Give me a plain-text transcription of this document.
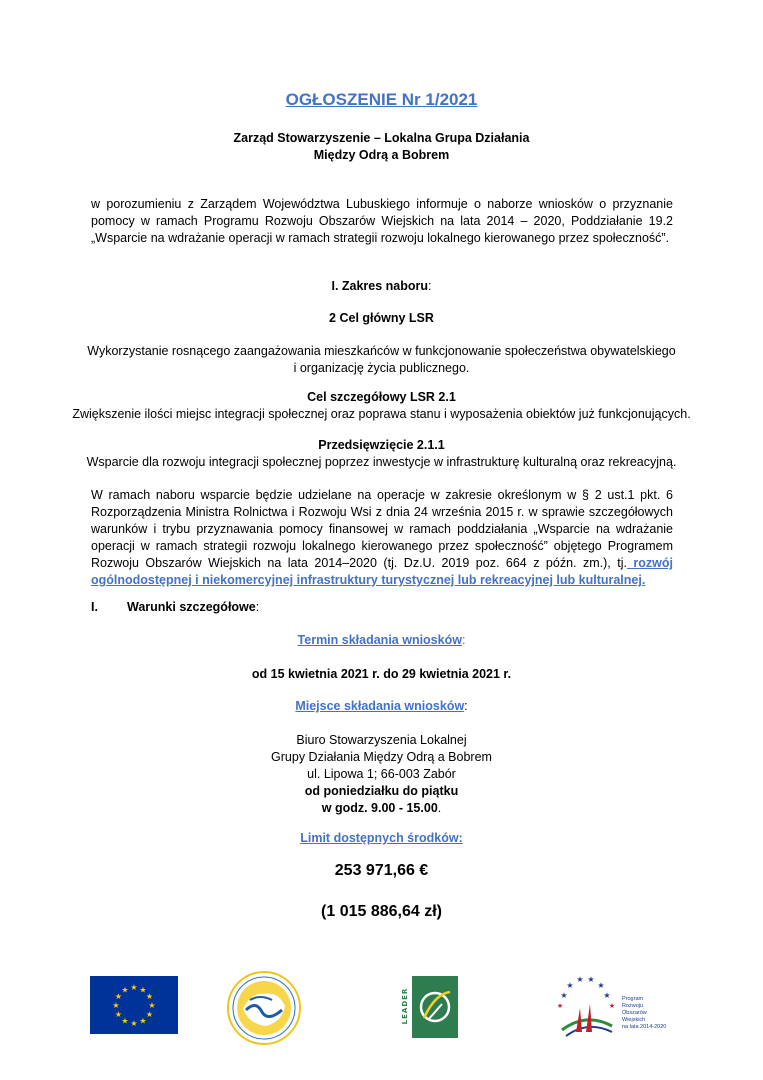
OGŁOSZENIE Nr 1/2021
Zarząd Stowarzyszenie – Lokalna Grupa Działania
Między Odrą a Bobrem
w porozumieniu z Zarządem Województwa Lubuskiego informuje o naborze wniosków o przyznanie pomocy w ramach Programu Rozwoju Obszarów Wiejskich na lata 2014 – 2020, Poddziałanie 19.2 „Wsparcie na wdrażanie operacji w ramach strategii rozwoju lokalnego kierowanego przez społeczność”.
I. Zakres naboru:
2 Cel główny LSR
Wykorzystanie rosnącego zaangażowania mieszkańców w funkcjonowanie społeczeństwa obywatelskiego
i organizację życia publicznego.
Cel szczegółowy LSR 2.1
Zwiększenie ilości miejsc integracji społecznej oraz poprawa stanu i wyposażenia obiektów już funkcjonujących.
Przedsięwzięcie 2.1.1
Wsparcie dla rozwoju integracji społecznej poprzez inwestycje w infrastrukturę kulturalną oraz rekreacyjną.
W ramach naboru wsparcie będzie udzielane na operacje w zakresie określonym w § 2 ust.1 pkt. 6 Rozporządzenia Ministra Rolnictwa i Rozwoju Wsi z dnia 24 września 2015 r. w sprawie szczegółowych warunków i trybu przyznawania pomocy finansowej w ramach poddziałania „Wsparcie na wdrażanie operacji w ramach strategii rozwoju lokalnego kierowanego przez społeczność” objętego Programem Rozwoju Obszarów Wiejskich na lata 2014–2020 (tj. Dz.U. 2019 poz. 664 z późn. zm.), tj. rozwój ogólnodostępnej i niekomercyjnej infrastruktury turystycznej lub rekreacyjnej lub kulturalnej.
I. Warunki szczegółowe:
Termin składania wniosków:
od 15 kwietnia 2021 r. do 29 kwietnia 2021 r.
Miejsce składania wniosków:
Biuro Stowarzyszenia Lokalnej
Grupy Działania Między Odrą a Bobrem
ul. Lipowa 1; 66-003 Zabór
od poniedziałku do piątku
w godz. 9.00 - 15.00.
Limit dostępnych środków:
253 971,66 €
(1 015 886,64 zł)
★ ★
★
★
★
★
★
★
★
★
★
★	LEADER	★
★
★ ★
★
★
★	★
Program
Rozwoju
Obszarów
Wiejskich
na lata 2014-2020
